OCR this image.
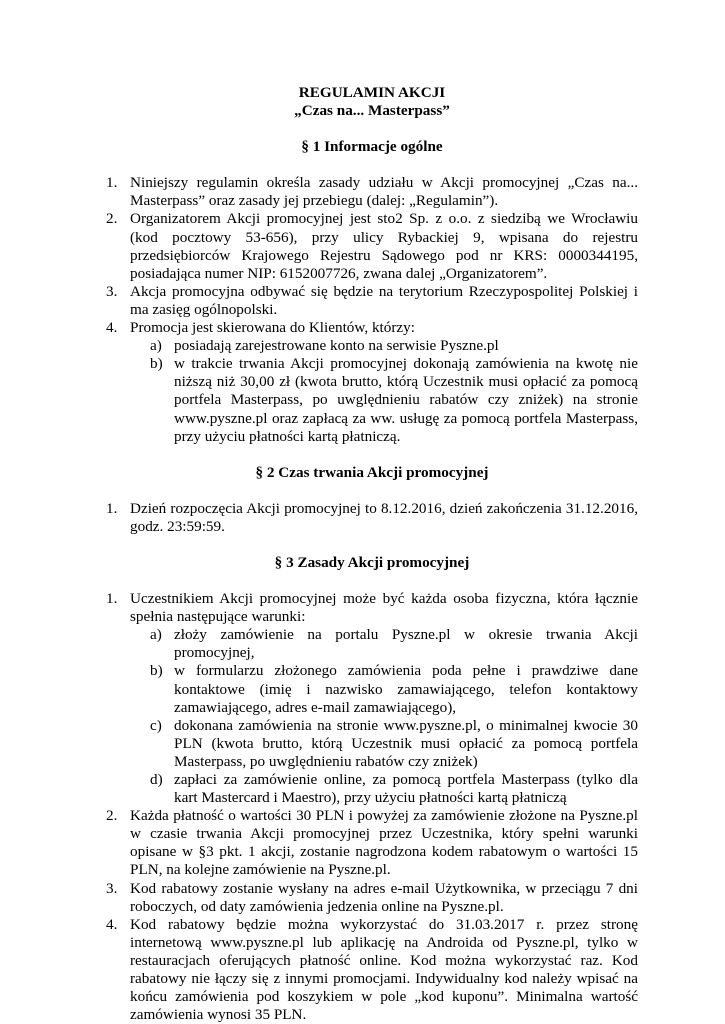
REGULAMIN AKCJI

„Czas na... Masterpass”

§ 1 Informacje ogólne

1. Niniejszy regulamin określa zasady udziału w Akcji promocyjnej „Czas na... Masterpass” oraz zasady jej przebiegu (dalej: „Regulamin”).
2. Organizatorem Akcji promocyjnej jest sto2 Sp. z o.o. z siedzibą we Wrocławiu (kod pocztowy 53-656), przy ulicy Rybackiej 9, wpisana do rejestru przedsiębiorców Krajowego Rejestru Sądowego pod nr KRS: 0000344195, posiadająca numer NIP: 6152007726, zwana dalej „Organizatorem”.
3. Akcja promocyjna odbywać się będzie na terytorium Rzeczypospolitej Polskiej i ma zasięg ogólnopolski.
4. Promocja jest skierowana do Klientów, którzy:
a) posiadają zarejestrowane konto na serwisie Pyszne.pl
b) w trakcie trwania Akcji promocyjnej dokonają zamówienia na kwotę nie niższą niż 30,00 zł (kwota brutto, którą Uczestnik musi opłacić za pomocą portfela Masterpass, po uwględnieniu rabatów czy zniżek) na stronie www.pyszne.pl oraz zapłacą za ww. usługę za pomocą portfela Masterpass, przy użyciu płatności kartą płatniczą.

§ 2 Czas trwania Akcji promocyjnej

1. Dzień rozpoczęcia Akcji promocyjnej to 8.12.2016, dzień zakończenia 31.12.2016, godz. 23:59:59.

§ 3 Zasady Akcji promocyjnej

1. Uczestnikiem Akcji promocyjnej może być każda osoba fizyczna, która łącznie spełnia następujące warunki:
a) złoży zamówienie na portalu Pyszne.pl w okresie trwania Akcji promocyjnej,
b) w formularzu złożonego zamówienia poda pełne i prawdziwe dane kontaktowe (imię i nazwisko zamawiającego, telefon kontaktowy zamawiającego, adres e-mail zamawiającego),
c) dokonana zamówienia na stronie www.pyszne.pl, o minimalnej kwocie 30 PLN (kwota brutto, którą Uczestnik musi opłacić za pomocą portfela Masterpass, po uwględnieniu rabatów czy zniżek)
d) zapłaci za zamówienie online, za pomocą portfela Masterpass (tylko dla kart Mastercard i Maestro), przy użyciu płatności kartą płatniczą
2. Każda płatność o wartości 30 PLN i powyżej za zamówienie złożone na Pyszne.pl w czasie trwania Akcji promocyjnej przez Uczestnika, który spełni warunki opisane w §3 pkt. 1 akcji, zostanie nagrodzona kodem rabatowym o wartości 15 PLN, na kolejne zamówienie na Pyszne.pl.
3. Kod rabatowy zostanie wysłany na adres e-mail Użytkownika, w przeciągu 7 dni roboczych, od daty zamówienia jedzenia online na Pyszne.pl.
4. Kod rabatowy będzie można wykorzystać do 31.03.2017 r. przez stronę internetową www.pyszne.pl lub aplikację na Androida od Pyszne.pl, tylko w restauracjach oferujących płatność online. Kod można wykorzystać raz. Kod rabatowy nie łączy się z innymi promocjami. Indywidualny kod należy wpisać na końcu zamówienia pod koszykiem w pole „kod kuponu”. Minimalna wartość zamówienia wynosi 35 PLN.
